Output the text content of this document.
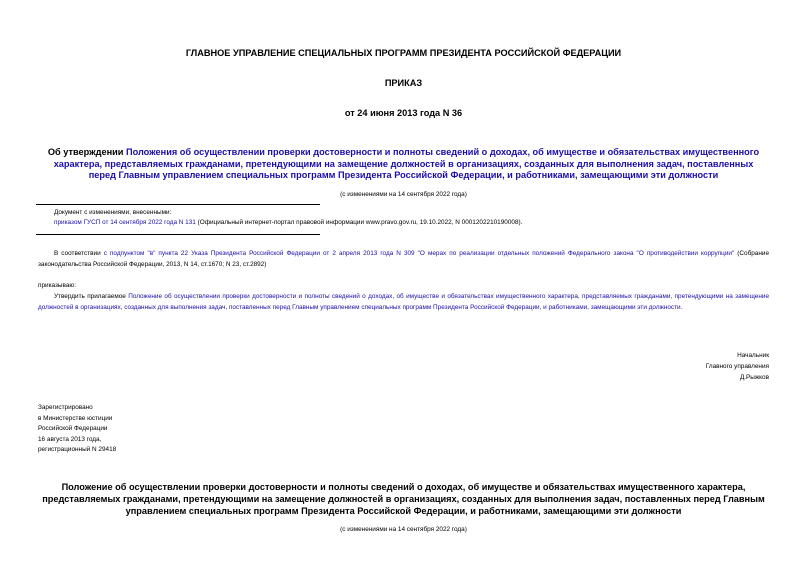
ГЛАВНОЕ УПРАВЛЕНИЕ СПЕЦИАЛЬНЫХ ПРОГРАММ ПРЕЗИДЕНТА РОССИЙСКОЙ ФЕДЕРАЦИИ
ПРИКАЗ
от 24 июня 2013 года N 36
Об утверждении Положения об осуществлении проверки достоверности и полноты сведений о доходах, об имуществе и обязательствах имущественного характера, представляемых гражданами, претендующими на замещение должностей в организациях, созданных для выполнения задач, поставленных перед Главным управлением специальных программ Президента Российской Федерации, и работниками, замещающими эти должности
(с изменениями на 14 сентября 2022 года)
Документ с изменениями, внесенными:
приказом ГУСП от 14 сентября 2022 года N 131 (Официальный интернет-портал правовой информации www.pravo.gov.ru, 19.10.2022, N 0001202210190008).
В соответствии с подпунктом "в" пункта 22 Указа Президента Российской Федерации от 2 апреля 2013 года N 309 "О мерах по реализации отдельных положений Федерального закона "О противодействии коррупции" (Собрание законодательства Российской Федерации, 2013, N 14, ст.1670; N 23, ст.2892)
приказываю:
Утвердить прилагаемое Положение об осуществлении проверки достоверности и полноты сведений о доходах, об имуществе и обязательствах имущественного характера, представляемых гражданами, претендующими на замещение должностей в организациях, созданных для выполнения задач, поставленных перед Главным управлением специальных программ Президента Российской Федерации, и работниками, замещающими эти должности.
Начальник
Главного управления
Д.Рыжков
Зарегистрировано
в Министерстве юстиции
Российской Федерации
16 августа 2013 года,
регистрационный N 29418
Положение об осуществлении проверки достоверности и полноты сведений о доходах, об имуществе и обязательствах имущественного характера, представляемых гражданами, претендующими на замещение должностей в организациях, созданных для выполнения задач, поставленных перед Главным управлением специальных программ Президента Российской Федерации, и работниками, замещающими эти должности
(с изменениями на 14 сентября 2022 года)
